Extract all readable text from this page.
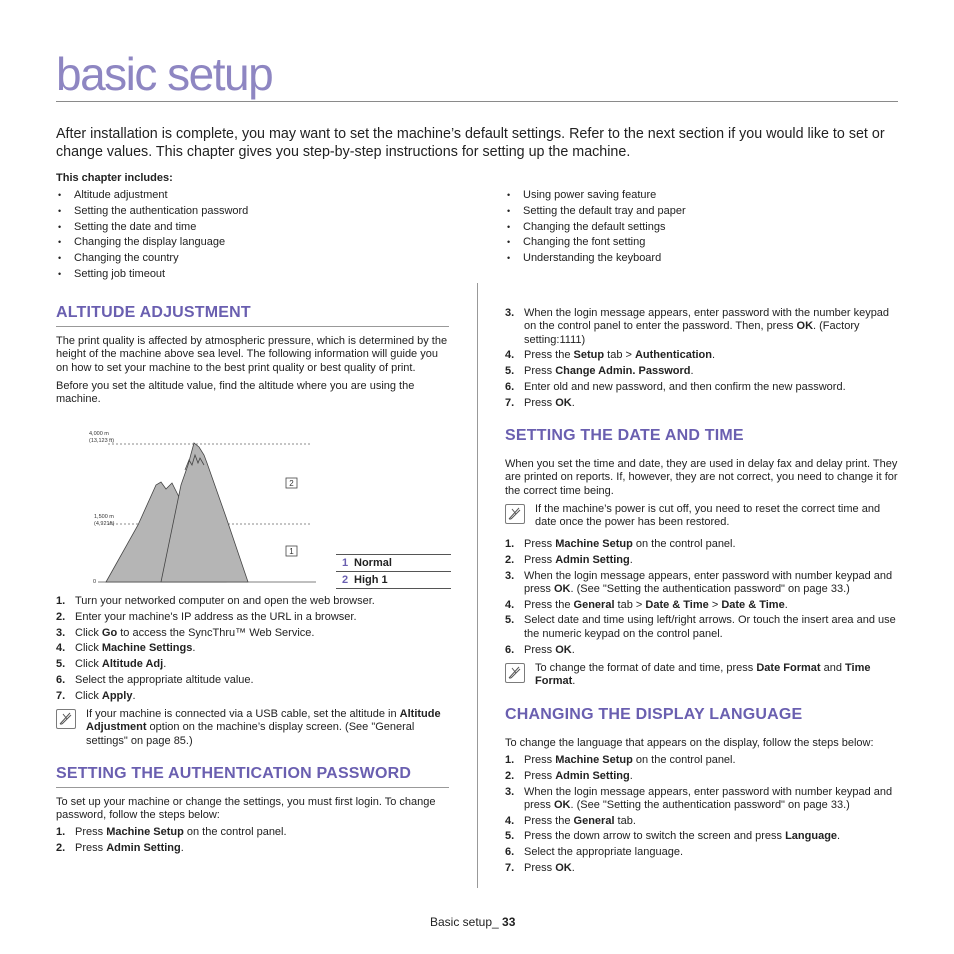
basic setup
After installation is complete, you may want to set the machine’s default settings. Refer to the next section if you would like to set or change values. This chapter gives you step-by-step instructions for setting up the machine.
This chapter includes:
• Altitude adjustment
• Setting the authentication password
• Setting the date and time
• Changing the display language
• Changing the country
• Setting job timeout
• Using power saving feature
• Setting the default tray and paper
• Changing the default settings
• Changing the font setting
• Understanding the keyboard
ALTITUDE ADJUSTMENT

The print quality is affected by atmospheric pressure, which is determined by the height of the machine above sea level. The following information will guide you on how to set your machine to the best print quality or best quality of print.

Before you set the altitude value, find the altitude where you are using the machine.

4,000 m
(13,123 ft)
1,500 m
(4,921ft)
0
2
1
1 Normal
2 High 1
1. Turn your networked computer on and open the web browser.
2. Enter your machine's IP address as the URL in a browser.
3. Click Go to access the SyncThru™ Web Service.
4. Click Machine Settings.
5. Click Altitude Adj.
6. Select the appropriate altitude value.
7. Click Apply.

If your machine is connected via a USB cable, set the altitude in Altitude Adjustment option on the machine’s display screen. (See "General settings" on page 85.)

SETTING THE AUTHENTICATION PASSWORD

To set up your machine or change the settings, you must first login. To change password, follow the steps below:

1. Press Machine Setup on the control panel.
2. Press Admin Setting.
3. When the login message appears, enter password with the number keypad on the control panel to enter the password. Then, press OK. (Factory setting:1111)
4. Press the Setup tab > Authentication.
5. Press Change Admin. Password.
6. Enter old and new password, and then confirm the new password.
7. Press OK.
SETTING THE DATE AND TIME

When you set the time and date, they are used in delay fax and delay print. They are printed on reports. If, however, they are not correct, you need to change it for the correct time being.

If the machine’s power is cut off, you need to reset the correct time and date once the power has been restored.

1. Press Machine Setup on the control panel.
2. Press Admin Setting.
3. When the login message appears, enter password with number keypad and press OK. (See "Setting the authentication password" on page 33.)
4. Press the General tab > Date & Time > Date & Time.
5. Select date and time using left/right arrows. Or touch the insert area and use the numeric keypad on the control panel.
6. Press OK.

To change the format of date and time, press Date Format and Time Format.

CHANGING THE DISPLAY LANGUAGE

To change the language that appears on the display, follow the steps below:

1. Press Machine Setup on the control panel.
2. Press Admin Setting.
3. When the login message appears, enter password with number keypad and press OK. (See "Setting the authentication password" on page 33.)
4. Press the General tab.
5. Press the down arrow to switch the screen and press Language.
6. Select the appropriate language.
7. Press OK.
Basic setup_ 33
